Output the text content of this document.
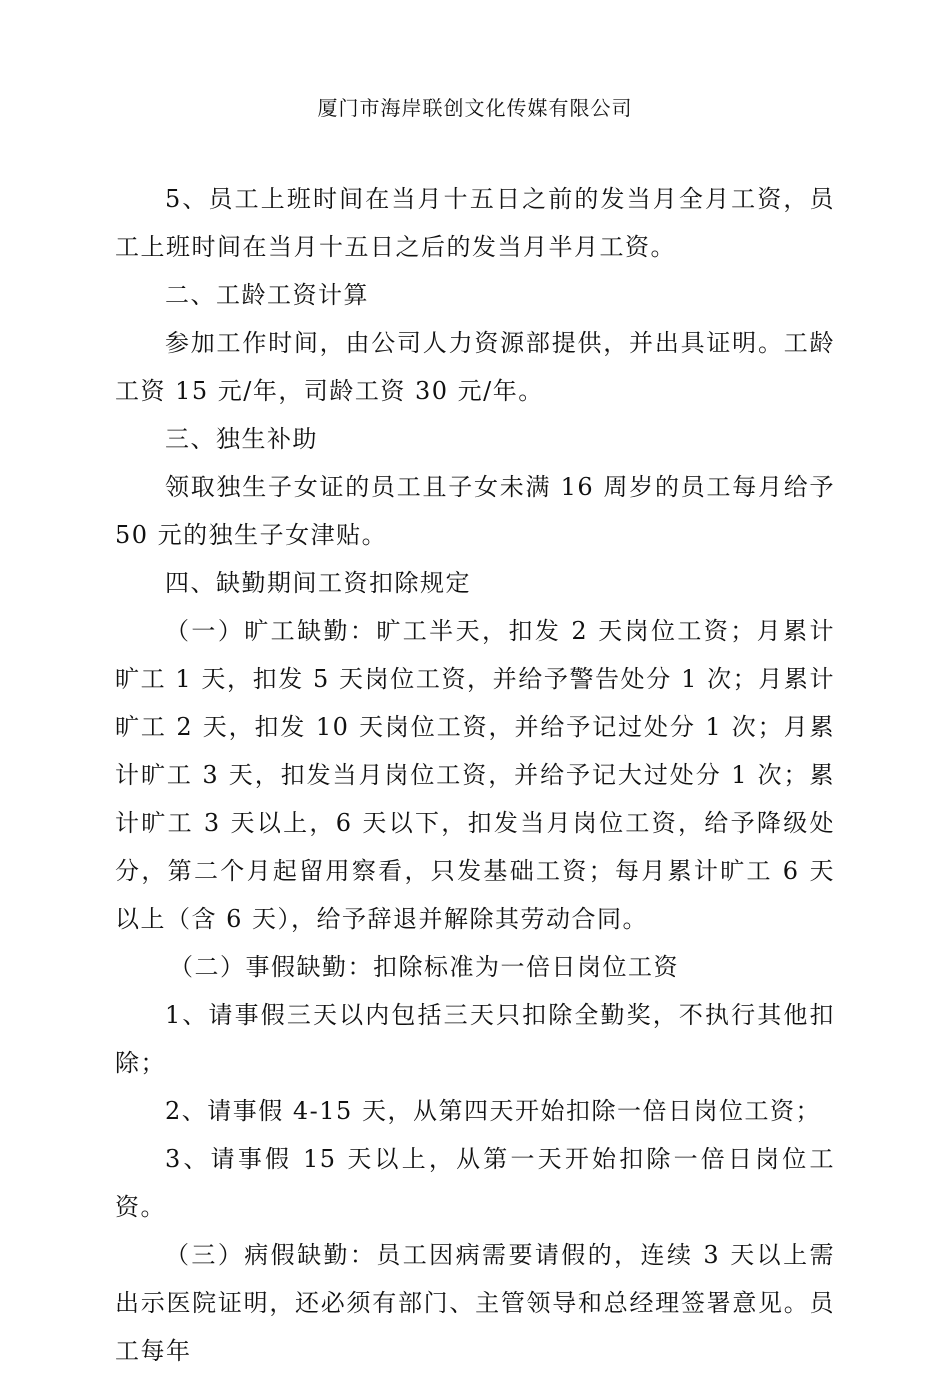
厦门市海岸联创文化传媒有限公司

5、员工上班时间在当月十五日之前的发当月全月工资，员工上班时间在当月十五日之后的发当月半月工资。

二、工龄工资计算

参加工作时间，由公司人力资源部提供，并出具证明。工龄工资 15 元/年，司龄工资 30 元/年。

三、独生补助

领取独生子女证的员工且子女未满 16 周岁的员工每月给予 50 元的独生子女津贴。

四、缺勤期间工资扣除规定

（一）旷工缺勤：旷工半天，扣发 2 天岗位工资；月累计旷工 1 天，扣发 5 天岗位工资，并给予警告处分 1 次；月累计旷工 2 天，扣发 10 天岗位工资，并给予记过处分 1 次；月累计旷工 3 天，扣发当月岗位工资，并给予记大过处分 1 次；累计旷工 3 天以上，6 天以下，扣发当月岗位工资，给予降级处分，第二个月起留用察看，只发基础工资；每月累计旷工 6 天以上（含 6 天），给予辞退并解除其劳动合同。

（二）事假缺勤：扣除标准为一倍日岗位工资

1、请事假三天以内包括三天只扣除全勤奖，不执行其他扣除；

2、请事假 4-15 天，从第四天开始扣除一倍日岗位工资；

3、请事假 15 天以上，从第一天开始扣除一倍日岗位工资。

（三）病假缺勤：员工因病需要请假的，连续 3 天以上需出示医院证明，还必须有部门、主管领导和总经理签署意见。员工每年
